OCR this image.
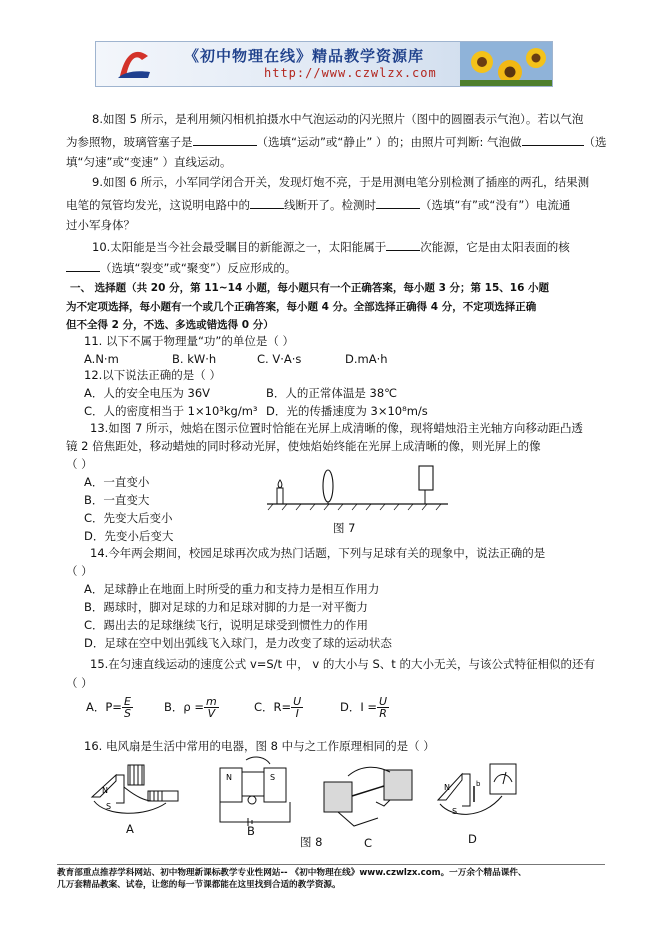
《初中物理在线》精品教学资源库
http://www.czwlzx.com
8.如图 5 所示，是利用频闪相机拍摄水中气泡运动的闪光照片（图中的圆圈表示气泡）。若以气泡
为参照物，玻璃管塞子是	（选填“运动”或“静止” ）的；由照片可判断: 气泡做	（选
填“匀速”或“变速” ）直线运动。
9.如图 6 所示，小军同学闭合开关，发现灯炮不亮，于是用测电笔分别检测了插座的两孔，结果测
电笔的氖管均发光，这说明电路中的	线断开了。检测时	（选填“有”或“没有”）电流通
过小军身体？
10.太阳能是当今社会最受瞩目的新能源之一，太阳能属于	次能源，它是由太阳表面的核
（选填“裂变”或“聚变”）反应形成的。
一、 选择题（共 20 分，第 11~14 小题，每小题只有一个正确答案，每小题 3 分；第 15、16 小题
为不定项选择，每小题有一个或几个正确答案，每小题 4 分。全部选择正确得 4 分，不定项选择正确
但不全得 2 分，不选、多选或错选得 0 分）
11. 以下不属于物理量“功”的单位是（ ）
A.N·m	B. kW·h	C. V·A·s	D.mA·h
12.以下说法正确的是（ ）
A．人的安全电压为 36V	B．人的正常体温是 38℃
C．人的密度相当于 1×10³kg/m³ D．光的传播速度为 3×10⁸m/s
13.如图 7 所示，烛焰在图示位置时恰能在光屏上成清晰的像，现将蜡烛沿主光轴方向移动距凸透
镜 2 倍焦距处，移动蜡烛的同时移动光屏，使烛焰始终能在光屏上成清晰的像，则光屏上的像
（ ）
A．一直变小
B．一直变大
C．先变大后变小
D．先变小后变大
图 7
14.今年两会期间，校园足球再次成为热门话题，下列与足球有关的现象中，说法正确的是
（ ）
A．足球静止在地面上时所受的重力和支持力是相互作用力
B．踢球时，脚对足球的力和足球对脚的力是一对平衡力
C．踢出去的足球继续飞行，说明足球受到惯性力的作用
D．足球在空中划出弧线飞入球门，是力改变了球的运动状态
15.在匀速直线运动的速度公式 v=S/t 中， v 的大小与 S、t 的大小无关，与该公式特征相似的还有
（ ）
A．$P= \frac{E}{S}$	B．$\rho = \frac{m}{V}$	C．$R= \frac{U}{I}$	D．$I = \frac{U}{R}$
16. 电风扇是生活中常用的电器，图 8 中与之工作原理相同的是（ ）
N
S
N	S
N
S
b
A	B
图 8	C	D
教育部重点推荐学科网站、初中物理新课标教学专业性网站-- 《初中物理在线》www.czwlzx.com。一万余个精品课件、
几万套精品教案、试卷，让您的每一节课都能在这里找到合适的教学资源。
